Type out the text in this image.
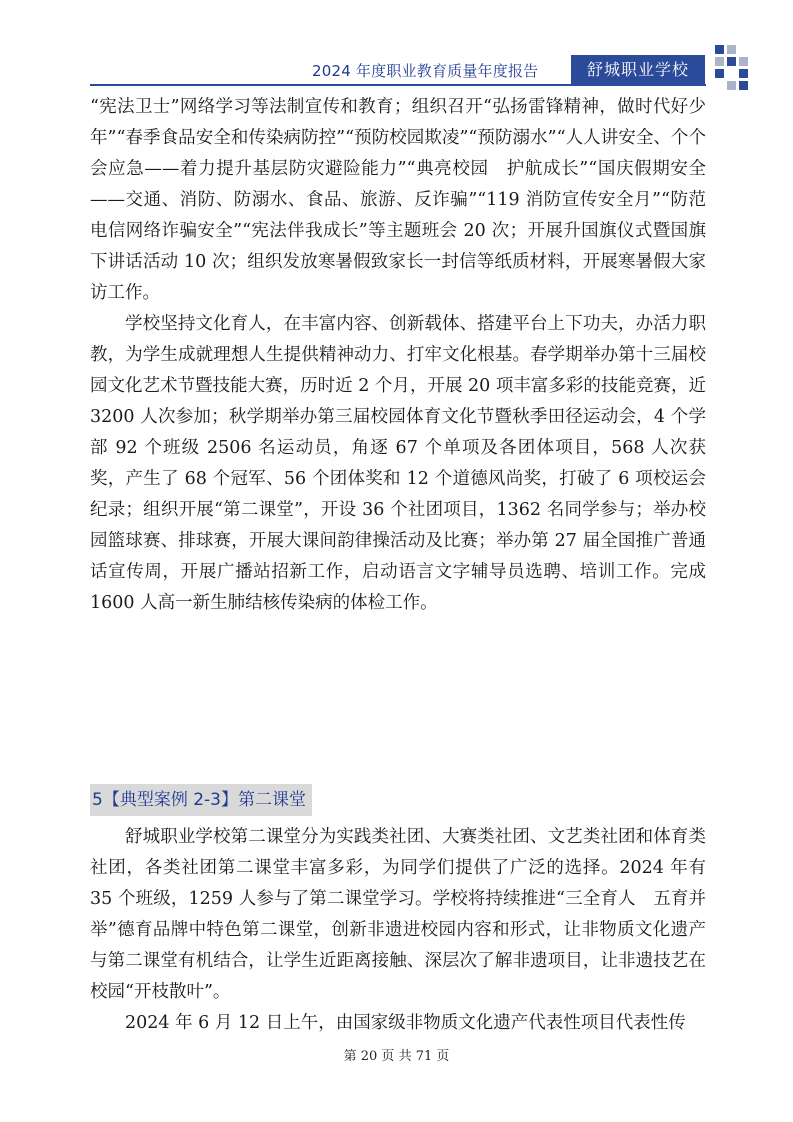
2024 年度职业教育质量年度报告	舒城职业学校

“宪法卫士”网络学习等法制宣传和教育；组织召开“弘扬雷锋精神，做时代好少年”“春季食品安全和传染病防控”“预防校园欺凌”“预防溺水”“人人讲安全、个个会应急——着力提升基层防灾避险能力”“典亮校园　护航成长”“国庆假期安全——交通、消防、防溺水、食品、旅游、反诈骗”“119 消防宣传安全月”“防范电信网络诈骗安全”“宪法伴我成长”等主题班会 20 次；开展升国旗仪式暨国旗下讲话活动 10 次；组织发放寒暑假致家长一封信等纸质材料，开展寒暑假大家访工作。

学校坚持文化育人，在丰富内容、创新载体、搭建平台上下功夫，办活力职教，为学生成就理想人生提供精神动力、打牢文化根基。春学期举办第十三届校园文化艺术节暨技能大赛，历时近 2 个月，开展 20 项丰富多彩的技能竞赛，近 3200 人次参加；秋学期举办第三届校园体育文化节暨秋季田径运动会，4 个学部 92 个班级 2506 名运动员，角逐 67 个单项及各团体项目，568 人次获奖，产生了 68 个冠军、56 个团体奖和 12 个道德风尚奖，打破了 6 项校运会纪录；组织开展“第二课堂”，开设 36 个社团项目，1362 名同学参与；举办校园篮球赛、排球赛，开展大课间韵律操活动及比赛；举办第 27 届全国推广普通话宣传周，开展广播站招新工作，启动语言文字辅导员选聘、培训工作。完成 1600 人高一新生肺结核传染病的体检工作。

5【典型案例 2-3】第二课堂

舒城职业学校第二课堂分为实践类社团、大赛类社团、文艺类社团和体育类社团，各类社团第二课堂丰富多彩，为同学们提供了广泛的选择。2024 年有 35 个班级，1259 人参与了第二课堂学习。学校将持续推进“三全育人　五育并举”德育品牌中特色第二课堂，创新非遗进校园内容和形式，让非物质文化遗产与第二课堂有机结合，让学生近距离接触、深层次了解非遗项目，让非遗技艺在校园“开枝散叶”。

2024 年 6 月 12 日上午，由国家级非物质文化遗产代表性项目代表性传

第 20 页 共 71 页
